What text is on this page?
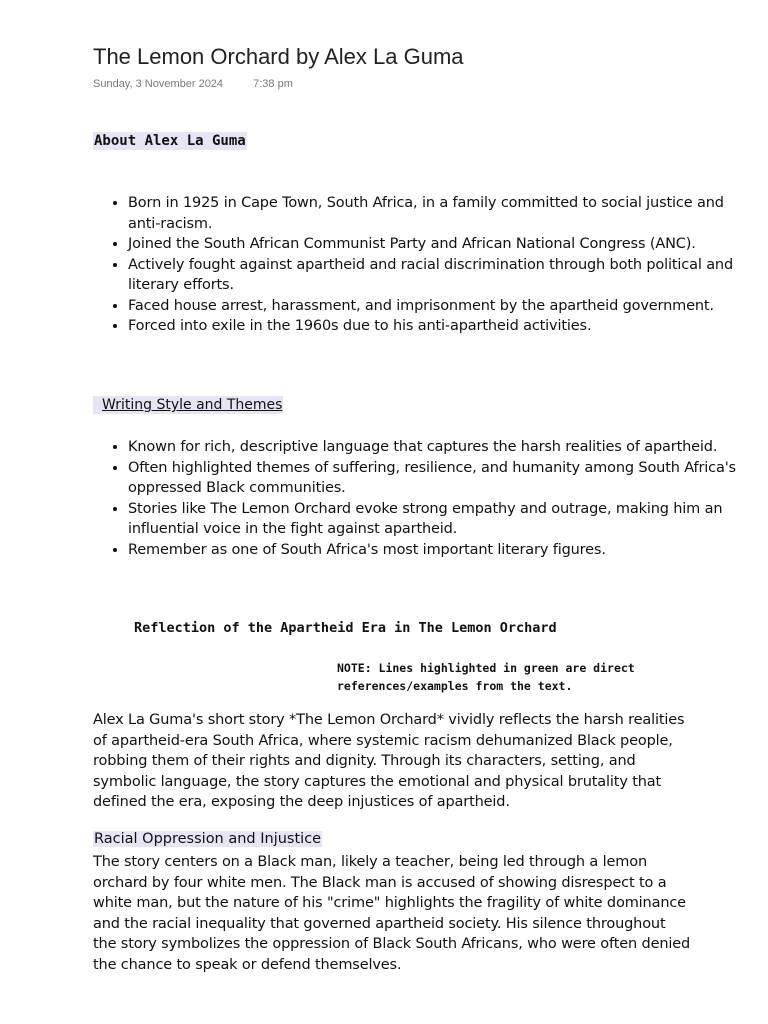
The Lemon Orchard by Alex La Guma
Sunday, 3 November 2024	7:38 pm
About Alex La Guma
• Born in 1925 in Cape Town, South Africa, in a family committed to social justice and anti-racism.
• Joined the South African Communist Party and African National Congress (ANC).
• Actively fought against apartheid and racial discrimination through both political and literary efforts.
• Faced house arrest, harassment, and imprisonment by the apartheid government.
• Forced into exile in the 1960s due to his anti-apartheid activities.
Writing Style and Themes
• Known for rich, descriptive language that captures the harsh realities of apartheid.
• Often highlighted themes of suffering, resilience, and humanity among South Africa's oppressed Black communities.
• Stories like The Lemon Orchard evoke strong empathy and outrage, making him an influential voice in the fight against apartheid.
• Remember as one of South Africa's most important literary figures.
Reflection of the Apartheid Era in The Lemon Orchard
NOTE: Lines highlighted in green are direct references/examples from the text.

Alex La Guma's short story *The Lemon Orchard* vividly reflects the harsh realities of apartheid-era South Africa, where systemic racism dehumanized Black people, robbing them of their rights and dignity. Through its characters, setting, and symbolic language, the story captures the emotional and physical brutality that defined the era, exposing the deep injustices of apartheid.

Racial Oppression and Injustice

The story centers on a Black man, likely a teacher, being led through a lemon orchard by four white men. The Black man is accused of showing disrespect to a white man, but the nature of his "crime" highlights the fragility of white dominance and the racial inequality that governed apartheid society. His silence throughout the story symbolizes the oppression of Black South Africans, who were often denied the chance to speak or defend themselves.
